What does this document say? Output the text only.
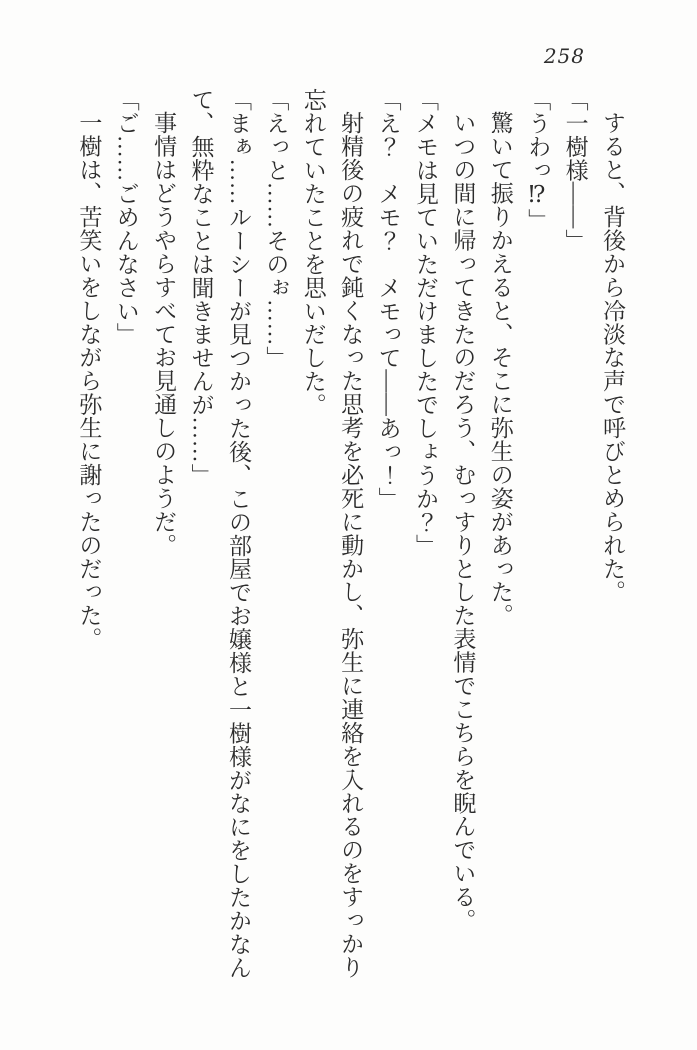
258

すると、背後から冷淡な声で呼びとめられた。

「一樹様――」

「うわっ⁉」

驚いて振りかえると、そこに弥生の姿があった。

いつの間に帰ってきたのだろう、むっすりとした表情でこちらを睨んでいる。

「メモは見ていただけましたでしょうか？」

「え？　メモ？　メモって――あっ！」

射精後の疲れで鈍くなった思考を必死に動かし、弥生に連絡を入れるのをすっかり忘れていたことを思いだした。

「えっと……そのぉ……」

「まぁ……ルーシーが見つかった後、この部屋でお嬢様と一樹様がなにをしたかなんて、無粋なことは聞きませんが……」

事情はどうやらすべてお見通しのようだ。

「ご……ごめんなさい」

一樹は、苦笑いをしながら弥生に謝ったのだった。
